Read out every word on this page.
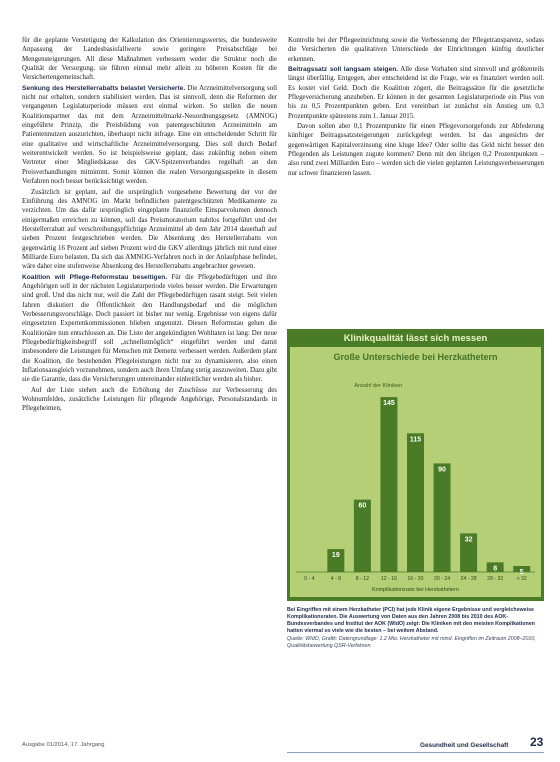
für die geplante Verstetigung der Kalkulation des Orientierungswertes, die bundesweite Anpassung der Landesbasisfallwerte sowie geringere Preisabschläge bei Mengensteigerungen. All diese Maßnahmen verbessern weder die Struktur noch die Qualität der Versorgung, sie führen einmal mehr allein zu höheren Kosten für die Versichertengemeinschaft.

Senkung des Herstellerrabatts belastet Versicherte. Die Arzneimittelversorgung soll nicht nur erhalten, sondern stabilisiert werden. Das ist sinnvoll, denn die Reformen der vergangenen Legislaturperiode müssen erst einmal wirken. So stellen die neuen Koalitionspartner das mit dem Arzneimittelmarkt-Neuordnungsgesetz (AMNOG) eingeführte Prinzip, die Preisbildung von patentgeschützten Arzneimitteln am Patientennutzen auszurichten, überhaupt nicht infrage. Eine ein entscheidender Schritt für eine qualitative und wirtschaftliche Arzneimittelversorgung. Dies soll durch Bedarf weiterentwickelt werden. So ist beispielsweise geplant, dass zukünftig neben einem Vertreter einer Mitgliedskasse des GKV-Spitzenverbandes regelhaft an den Preisverhandlungen mitnimmt. Somit können die realen Versorgungsaspekte in diesem Verfahren noch besser berücksichtigt werden.

Zusätzlich ist geplant, auf die ursprünglich vorgesehene Bewertung der vor der Einführung des AMNOG im Markt befindlichen patentgeschützten Medikamente zu verzichten. Um das dafür ursprünglich eingeplante finanzielle Einsparvolumen dennoch einigermaßen erreichen zu können, soll das Preismoratorium nahtlos fortgeführt und der Herstellerrabatt auf verschreibungspflichtige Arzneimittel ab dem Jahr 2014 dauerhaft auf sieben Prozent festgeschrieben werden. Die Absenkung des Herstellerrabatts von gegenwärtig 16 Prozent auf sieben Prozent wird die GKV allerdings jährlich mit rund einer Milliarde Euro belasten. Da sich das AMNOG-Verfahren noch in der Anlaufphase befindet, wäre daher eine stufenweise Absenkung des Herstellerrabatts angebrachter gewesen.

Koalition will Pflege-Reformstau beseitigen. Für die Pflegebedürftigen und ihre Angehörigen soll in der nächsten Legislaturperiode vieles besser werden. Die Erwartungen sind groß. Und das nicht nur, weil die Zahl der Pflegebedürftigen rasant steigt. Seit vielen Jahren diskutiert die Öffentlichkeit den Handlungsbedarf und die möglichen Verbesserungsvorschläge. Doch passiert ist bisher nur wenig. Ergebnisse von eigens dafür eingesetzten Expertenkommissionen blieben ungenutzt. Diesen Reformstau gehen die Koalitionäre nun entschlossen an. Die Liste der angekündigten Wohltaten ist lang: Der neue Pflegebedürftigkeitsbegriff soll „schnellstmöglich“ eingeführt werden und damit insbesondere die Leistungen für Menschen mit Demenz verbessert werden. Außerdem plant die Koalition, die bestehenden Pflegeleistungen nicht nur zu dynamisieren, also einen Inflationsausgleich vorzunehmen, sondern auch ihren Umfang stetig auszuweiten. Dazu gibt sie die Garantie, dass die Versicherungen untereinander einheitlicher werden als bisher.

Auf der Liste stehen auch die Erhöhung der Zuschüsse zur Verbesserung des Wohnumfeldes, zusätzliche Leistungen für pflegende Angehörige, Personalstandards in Pflegeheimen,

Kontrolle bei der Pflegeeinrichtung sowie die Verbesserung der Pflegetransparenz, sodass die Versicherten die qualitativen Unterschiede der Einrichtungen künftig deutlicher erkennen.

Beitragssatz soll langsam steigen. Alle diese Vorhaben sind sinnvoll und größtenteils längst überfällig. Entgegen, aber entscheidend ist die Frage, wie es finanziert werden soll. Es kostet viel Geld. Doch die Koalition zögert, die Beitragssätze für die gesetzliche Pflegeversicherung anzuheben. Er können in der gesamten Legislaturperiode ein Plus von bis zu 0,5 Prozentpunkten geben. Erst vereinbart ist zunächst ein Anstieg um 0,3 Prozentpunkte spätestens zum 1. Januar 2015.

Davon sollen aber 0,1 Prozentpunkte für einen Pflegevorsorgefonds zur Abfederung künftiger Beitragssatzsteigerungen zurückgelegt werden. Ist das angesichts der gegenwärtigen Kapitalverzinsung eine kluge Idee? Oder sollte das Geld nicht besser den Pflegenden als Leistungen zugute kommen? Denn mit den übrigen 0,2 Prozentpunkten – also rund zwei Milliarden Euro – werden sich die vielen geplanten Leistungsverbesserungen nur schwer finanzieren lassen.

Klinikqualität lässt sich messen
Große Unterschiede bei Herzkathetern
Anzahl der Kliniken
0 - 4
19
4 - 8
60
8 - 12
145
12 - 16
115
16 - 20
90
20 - 24
32
24 - 28
8
28 - 32
5
> 32
Komplikationsrate bei Herzkathetern
Bei Eingriffen mit einem Herzkatheter (PCI) hat jede Klinik eigene Ergebnisse und vergleichsweise Komplikationsraten. Die Auswertung von Daten aus den Jahren 2008 bis 2010 des AOK-Bundesverbandes und Institut der AOK (WIdO) zeigt: Die Kliniken mit den meisten Komplikationen hatten viermal so viele wie die besten – bei weitem Abstand.
Quelle: WIdO, Grafik: Datengrundlage: 1.2 Mio. Herzkatheter mit mind. Eingriffen im Zeitraum 2008–2010, Qualitätsbewertung QSR-Verfahren.
Ausgabe 01/2014, 17. Jahrgang	Gesundheit und Gesellschaft 23
